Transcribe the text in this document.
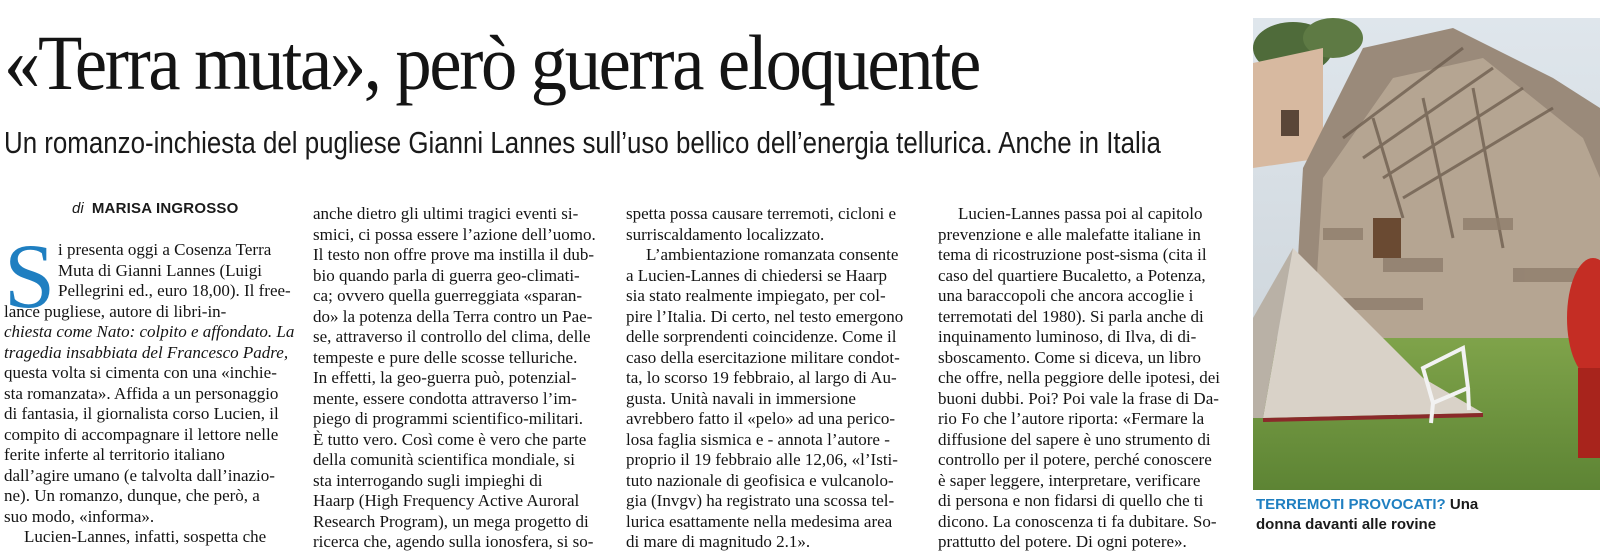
«Terra muta», però guerra eloquente
Un romanzo-inchiesta del pugliese Gianni Lannes sull’uso bellico dell’energia tellurica. Anche in Italia
di MARISA INGROSSO
S i presenta oggi a Cosenza Terra
Muta di Gianni Lannes (Luigi
Pellegrini ed., euro 18,00). Il free-
lance pugliese, autore di libri-in-
chiesta come Nato: colpito e affondato. La
tragedia insabbiata del Francesco Padre,
questa volta si cimenta con una «inchie-
sta romanzata». Affida a un personaggio
di fantasia, il giornalista corso Lucien, il
compito di accompagnare il lettore nelle
ferite inferte al territorio italiano
dall’agire umano (e talvolta dall’inazio-
ne). Un romanzo, dunque, che però, a
suo modo, «informa».
Lucien-Lannes, infatti, sospetta che
anche dietro gli ultimi tragici eventi si-
smici, ci possa essere l’azione dell’uomo.
Il testo non offre prove ma instilla il dub-
bio quando parla di guerra geo-climati-
ca; ovvero quella guerreggiata «sparan-
do» la potenza della Terra contro un Pae-
se, attraverso il controllo del clima, delle
tempeste e pure delle scosse telluriche.
In effetti, la geo-guerra può, potenzial-
mente, essere condotta attraverso l’im-
piego di programmi scientifico-militari.
È tutto vero. Così come è vero che parte
della comunità scientifica mondiale, si
sta interrogando sugli impieghi di
Haarp (High Frequency Active Auroral
Research Program), un mega progetto di
ricerca che, agendo sulla ionosfera, si so-
spetta possa causare terremoti, cicloni e
surriscaldamento localizzato.
L’ambientazione romanzata consente
a Lucien-Lannes di chiedersi se Haarp
sia stato realmente impiegato, per col-
pire l’Italia. Di certo, nel testo emergono
delle sorprendenti coincidenze. Come il
caso della esercitazione militare condot-
ta, lo scorso 19 febbraio, al largo di Au-
gusta. Unità navali in immersione
avrebbero fatto il «pelo» ad una perico-
losa faglia sismica e - annota l’autore -
proprio il 19 febbraio alle 12,06, «l’Isti-
tuto nazionale di geofisica e vulcanolo-
gia (Invgv) ha registrato una scossa tel-
lurica esattamente nella medesima area
di mare di magnitudo 2.1».
Lucien-Lannes passa poi al capitolo
prevenzione e alle malefatte italiane in
tema di ricostruzione post-sisma (cita il
caso del quartiere Bucaletto, a Potenza,
una baraccopoli che ancora accoglie i
terremotati del 1980). Si parla anche di
inquinamento luminoso, di Ilva, di di-
sboscamento. Come si diceva, un libro
che offre, nella peggiore delle ipotesi, dei
buoni dubbi. Poi? Poi vale la frase di Da-
rio Fo che l’autore riporta: «Fermare la
diffusione del sapere è uno strumento di
controllo per il potere, perché conoscere
è saper leggere, interpretare, verificare
di persona e non fidarsi di quello che ti
dicono. La conoscenza ti fa dubitare. So-
prattutto del potere. Di ogni potere».
TERREMOTI PROVOCATI? Una
donna davanti alle rovine
